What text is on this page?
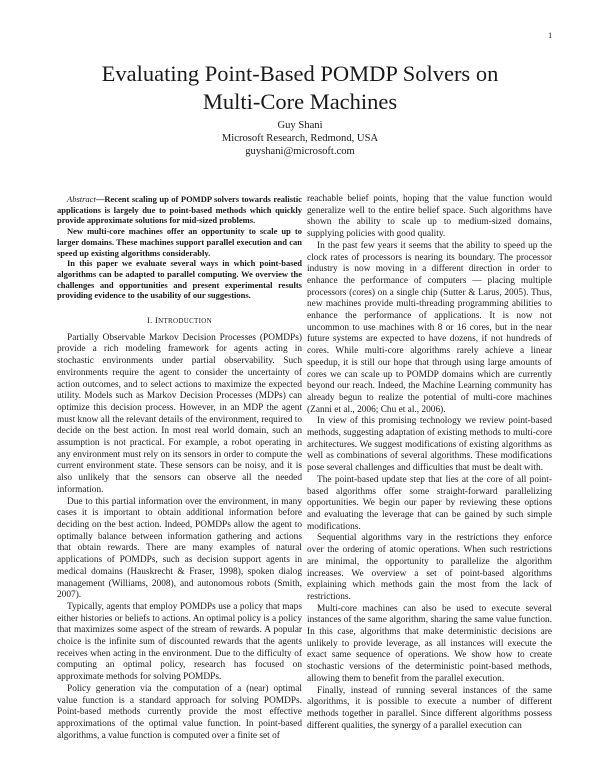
1
Evaluating Point-Based POMDP Solvers on
Multi-Core Machines
Guy Shani
Microsoft Research, Redmond, USA
guyshani@microsoft.com

Abstract—Recent scaling up of POMDP solvers towards realistic applications is largely due to point-based methods which quickly provide approximate solutions for mid-sized problems.

New multi-core machines offer an opportunity to scale up to larger domains. These machines support parallel execution and can speed up existing algorithms considerably.

In this paper we evaluate several ways in which point-based algorithms can be adapted to parallel computing. We overview the challenges and opportunities and present experimental results providing evidence to the usability of our suggestions.

I. INTRODUCTION

Partially Observable Markov Decision Processes (POMDPs) provide a rich modeling framework for agents acting in stochastic environments under partial observability. Such environments require the agent to consider the uncertainty of action outcomes, and to select actions to maximize the expected utility. Models such as Markov Decision Processes (MDPs) can optimize this decision process. However, in an MDP the agent must know all the relevant details of the environment, required to decide on the best action. In most real world domain, such an assumption is not practical. For example, a robot operating in any environment must rely on its sensors in order to compute the current environment state. These sensors can be noisy, and it is also unlikely that the sensors can observe all the needed information.

Due to this partial information over the environment, in many cases it is important to obtain additional information before deciding on the best action. Indeed, POMDPs allow the agent to optimally balance between information gathering and actions that obtain rewards. There are many examples of natural applications of POMDPs, such as decision support agents in medical domains (Hauskrecht & Fraser, 1998), spoken dialog management (Williams, 2008), and autonomous robots (Smith, 2007).

Typically, agents that employ POMDPs use a policy that maps either histories or beliefs to actions. An optimal policy is a policy that maximizes some aspect of the stream of rewards. A popular choice is the infinite sum of discounted rewards that the agents receives when acting in the environment. Due to the difficulty of computing an optimal policy, research has focused on approximate methods for solving POMDPs.

Policy generation via the computation of a (near) optimal value function is a standard approach for solving POMDPs. Point-based methods currently provide the most effective approximations of the optimal value function. In point-based algorithms, a value function is computed over a finite set of

reachable belief points, hoping that the value function would generalize well to the entire belief space. Such algorithms have shown the ability to scale up to medium-sized domains, supplying policies with good quality.

In the past few years it seems that the ability to speed up the clock rates of processors is nearing its boundary. The processor industry is now moving in a different direction in order to enhance the performance of computers — placing multiple processors (cores) on a single chip (Sutter & Larus, 2005). Thus, new machines provide multi-threading programming abilities to enhance the performance of applications. It is now not uncommon to use machines with 8 or 16 cores, but in the near future systems are expected to have dozens, if not hundreds of cores. While multi-core algorithms rarely achieve a linear speedup, it is still our hope that through using large amounts of cores we can scale up to POMDP domains which are currently beyond our reach. Indeed, the Machine Learning community has already begun to realize the potential of multi-core machines (Zanni et al., 2006; Chu et al., 2006).

In view of this promising technology we review point-based methods, suggesting adaptation of existing methods to multi-core architectures. We suggest modifications of existing algorithms as well as combinations of several algorithms. These modifications pose several challenges and difficulties that must be dealt with.

The point-based update step that lies at the core of all point-based algorithms offer some straight-forward parallelizing opportunities. We begin our paper by reviewing these options and evaluating the leverage that can be gained by such simple modifications.

Sequential algorithms vary in the restrictions they enforce over the ordering of atomic operations. When such restrictions are minimal, the opportunity to parallelize the algorithm increases. We overview a set of point-based algorithms explaining which methods gain the most from the lack of restrictions.

Multi-core machines can also be used to execute several instances of the same algorithm, sharing the same value function. In this case, algorithms that make deterministic decisions are unlikely to provide leverage, as all instances will execute the exact same sequence of operations. We show how to create stochastic versions of the deterministic point-based methods, allowing them to benefit from the parallel execution.

Finally, instead of running several instances of the same algorithms, it is possible to execute a number of different methods together in parallel. Since different algorithms possess different qualities, the synergy of a parallel execution can
